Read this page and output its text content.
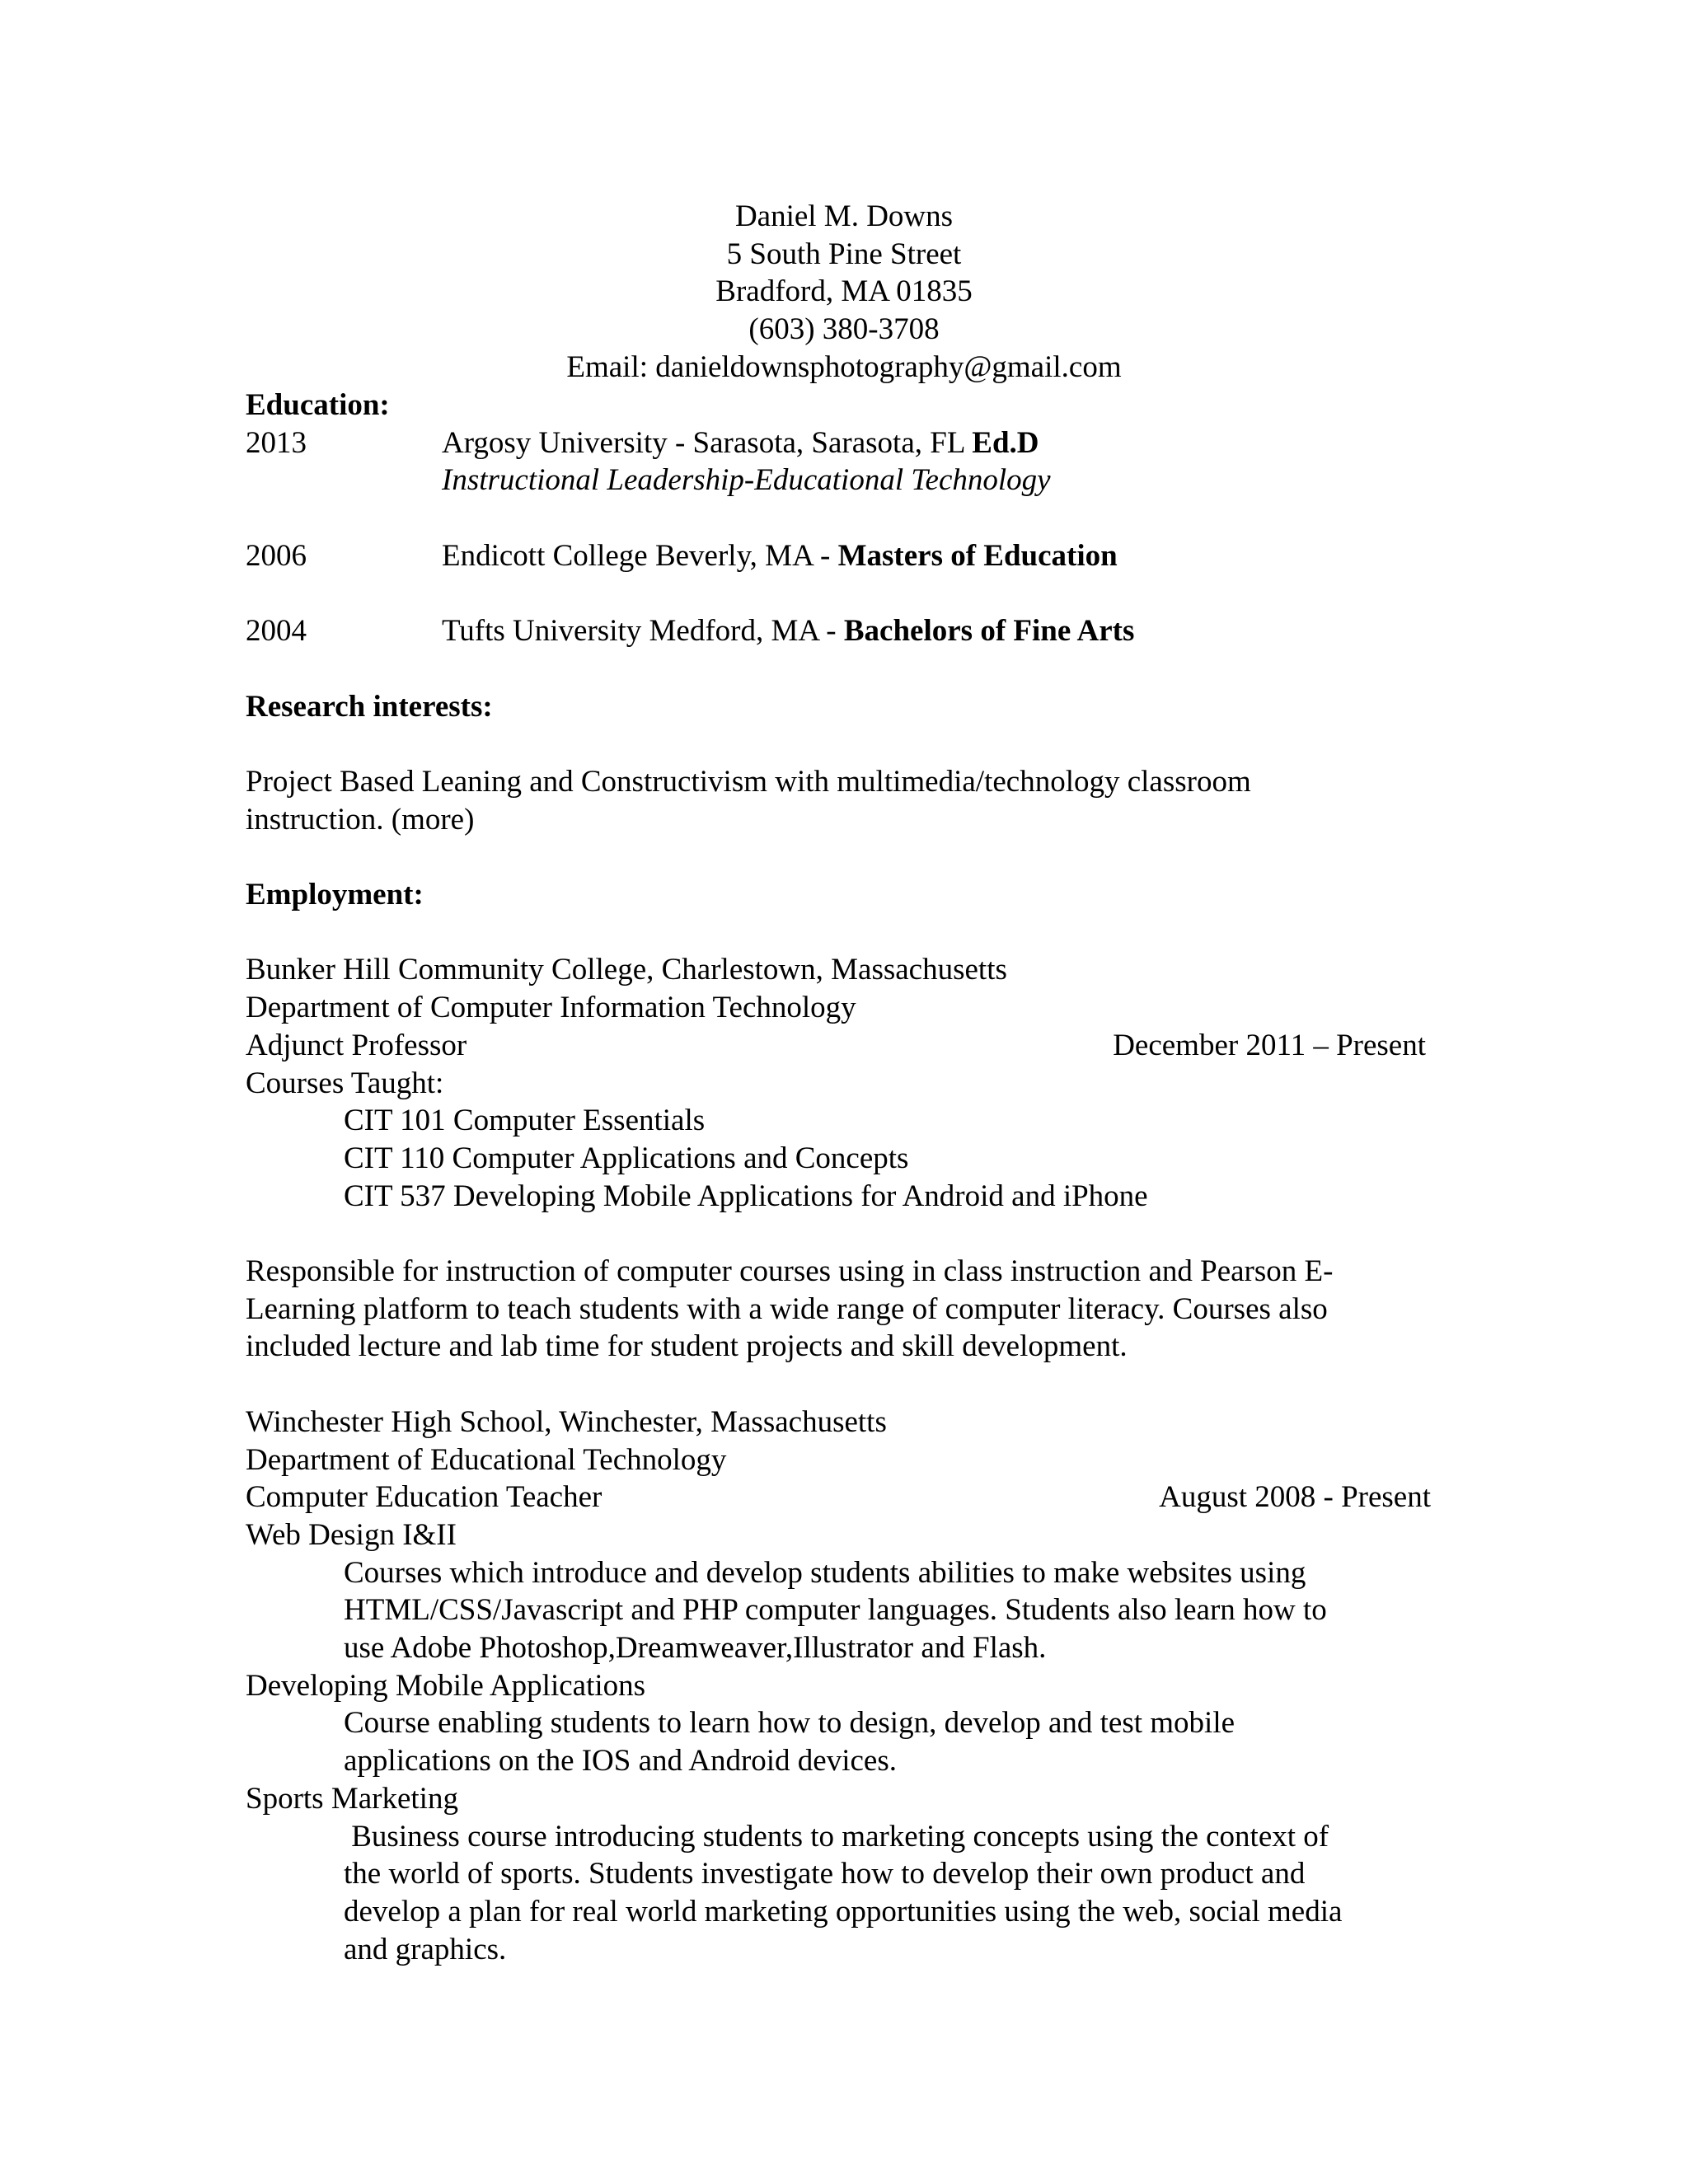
Daniel M. Downs
5 South Pine Street
Bradford, MA 01835
(603) 380-3708
Email: danieldownsphotography@gmail.com
Education:
2013	Argosy University - Sarasota, Sarasota, FL Ed.D
Instructional Leadership-Educational Technology
2006	Endicott College Beverly, MA - Masters of Education
2004	Tufts University Medford, MA - Bachelors of Fine Arts
Research interests:
Project Based Leaning and Constructivism with multimedia/technology classroom
instruction. (more)
Employment:
Bunker Hill Community College, Charlestown, Massachusetts
Department of Computer Information Technology
Adjunct Professor	December 2011 – Present
Courses Taught:
CIT 101 Computer Essentials
CIT 110 Computer Applications and Concepts
CIT 537 Developing Mobile Applications for Android and iPhone
Responsible for instruction of computer courses using in class instruction and Pearson E-
Learning platform to teach students with a wide range of computer literacy. Courses also
included lecture and lab time for student projects and skill development.
Winchester High School, Winchester, Massachusetts
Department of Educational Technology
Computer Education Teacher	August 2008 - Present
Web Design I&II
Courses which introduce and develop students abilities to make websites using
HTML/CSS/Javascript and PHP computer languages. Students also learn how to
use Adobe Photoshop,Dreamweaver,Illustrator and Flash.
Developing Mobile Applications
Course enabling students to learn how to design, develop and test mobile
applications on the IOS and Android devices.
Sports Marketing
Business course introducing students to marketing concepts using the context of
the world of sports. Students investigate how to develop their own product and
develop a plan for real world marketing opportunities using the web, social media
and graphics.
